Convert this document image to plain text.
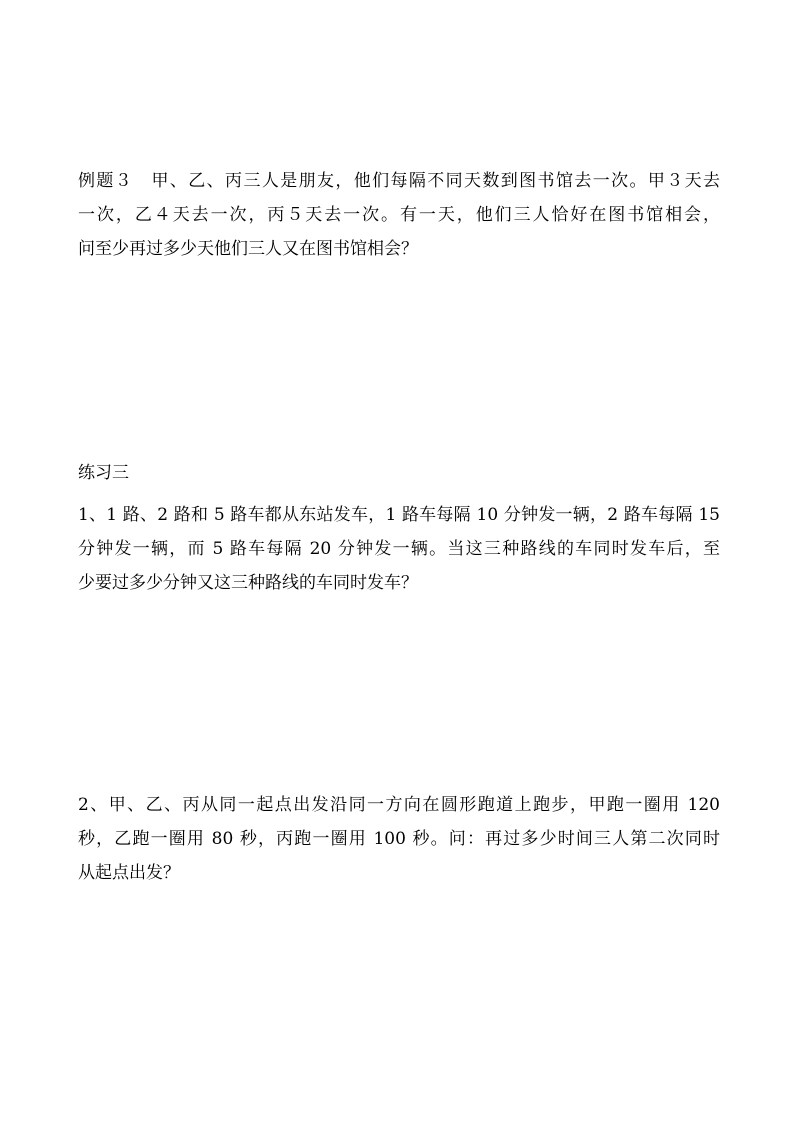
例题３　甲、乙、丙三人是朋友，他们每隔不同天数到图书馆去一次。甲３天去
一次，乙４天去一次，丙５天去一次。有一天，他们三人恰好在图书馆相会，
问至少再过多少天他们三人又在图书馆相会？
练习三
1、1 路、2 路和 5 路车都从东站发车，1 路车每隔 10 分钟发一辆，2 路车每隔 15
分钟发一辆，而 5 路车每隔 20 分钟发一辆。当这三种路线的车同时发车后，至
少要过多少分钟又这三种路线的车同时发车？
2、甲、乙、丙从同一起点出发沿同一方向在圆形跑道上跑步，甲跑一圈用 120
秒，乙跑一圈用 80 秒，丙跑一圈用 100 秒。问：再过多少时间三人第二次同时
从起点出发？
